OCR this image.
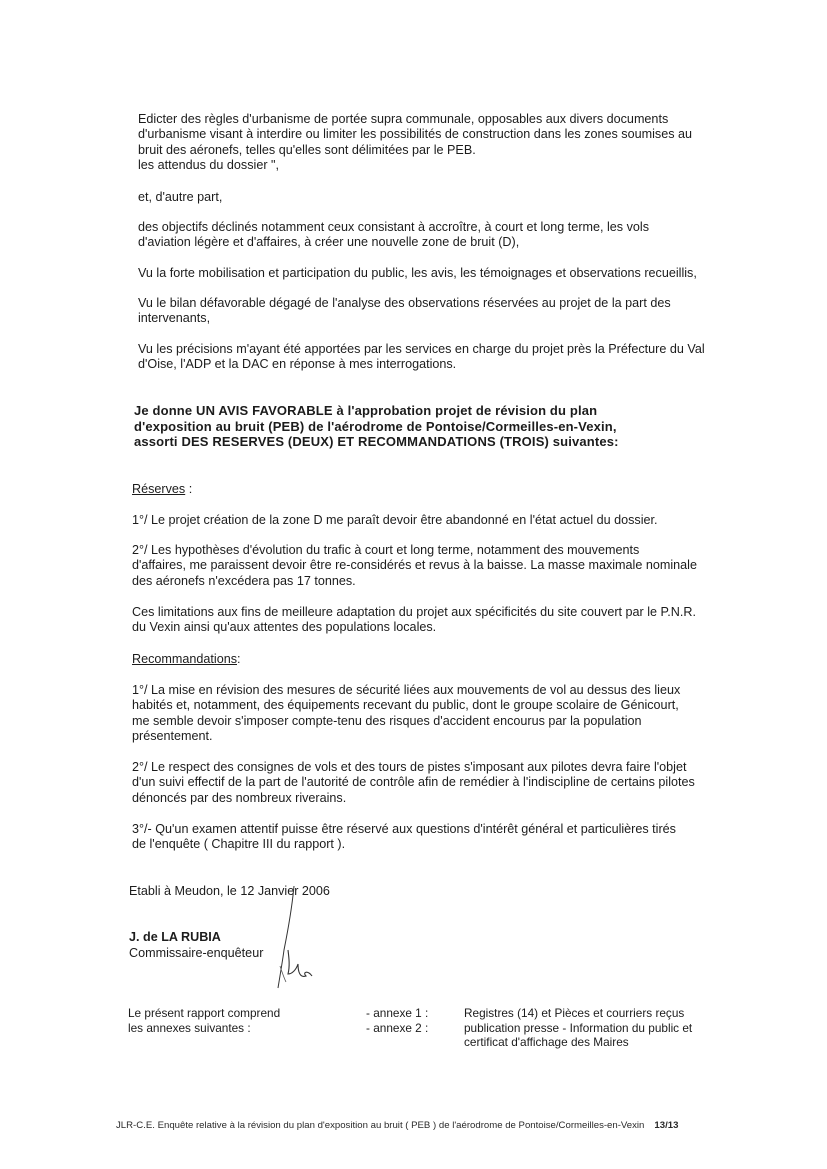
Edicter des règles d'urbanisme de portée supra communale, opposables aux divers documents
d'urbanisme visant à interdire ou limiter les possibilités de construction dans les zones soumises au
bruit des aéronefs, telles qu'elles sont délimitées par le PEB.
les attendus du dossier ",
et, d'autre part,
des objectifs déclinés notamment ceux consistant à accroître, à court et long terme, les vols
d'aviation légère et d'affaires, à créer une nouvelle zone de bruit (D),
Vu la forte mobilisation et participation du public, les avis, les témoignages et observations recueillis,
Vu le bilan défavorable dégagé de l'analyse des observations réservées au projet de la part des
intervenants,
Vu les précisions m'ayant été apportées par les services en charge du projet près la Préfecture du Val
d'Oise, l'ADP et la DAC en réponse à mes interrogations.
Je donne UN AVIS FAVORABLE à l'approbation projet de révision du plan
d'exposition au bruit (PEB) de l'aérodrome de Pontoise/Cormeilles-en-Vexin,
assorti DES RESERVES (DEUX) ET RECOMMANDATIONS (TROIS) suivantes:
Réserves :
1°/ Le projet création de la zone D me paraît devoir être abandonné en l'état actuel du dossier.
2°/ Les hypothèses d'évolution du trafic à court et long terme, notamment des mouvements
d'affaires, me paraissent devoir être re-considérés et revus à la baisse. La masse maximale nominale
des aéronefs n'excédera pas 17 tonnes.
Ces limitations aux fins de meilleure adaptation du projet aux spécificités du site couvert par le P.N.R.
du Vexin ainsi qu'aux attentes des populations locales.
Recommandations:
1°/ La mise en révision des mesures de sécurité liées aux mouvements de vol au dessus des lieux
habités et, notamment, des équipements recevant du public, dont le groupe scolaire de Génicourt,
me semble devoir s'imposer compte-tenu des risques d'accident encourus par la population
présentement.
2°/ Le respect des consignes de vols et des tours de pistes s'imposant aux pilotes devra faire l'objet
d'un suivi effectif de la part de l'autorité de contrôle afin de remédier à l'indiscipline de certains pilotes
dénoncés par des nombreux riverains.
3°/- Qu'un examen attentif puisse être réservé aux questions d'intérêt général et particulières tirés
de l'enquête ( Chapitre III du rapport ).
Etabli à Meudon, le 12 Janvier 2006
J. de LA RUBIA
Commissaire-enquêteur
Le présent rapport comprend
les annexes suivantes :
- annexe 1 :
- annexe 2 :
Registres (14) et Pièces et courriers reçus
publication presse - Information du public et
certificat d'affichage des Maires
JLR-C.E. Enquête relative à la révision du plan d'exposition au bruit ( PEB ) de l'aérodrome de Pontoise/Cormeilles-en-Vexin 13/13
